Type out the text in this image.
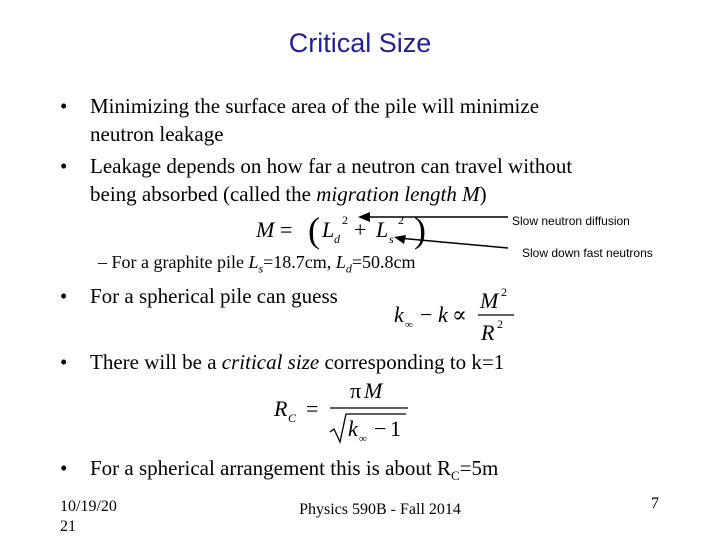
Critical Size
• Minimizing the surface area of the pile will minimize
neutron leakage
• Leakage depends on how far a neutron can travel without
being absorbed (called the migration length M)
M = ( L d
2 + L s
2 )	Slow neutron diffusion
Slow down fast neutrons
– For a graphite pile $L_s=18.7cm$, $L_d=50.8cm$
• For a spherical pile can guess
k ∞ − k ∝
M 2
R 2
• There will be a critical size corresponding to k=1
R C =
π M
k ∞ − 1
• For a spherical arrangement this is about $R_C=5m$
10/19/20
21
Physics 590B - Fall 2014	7
